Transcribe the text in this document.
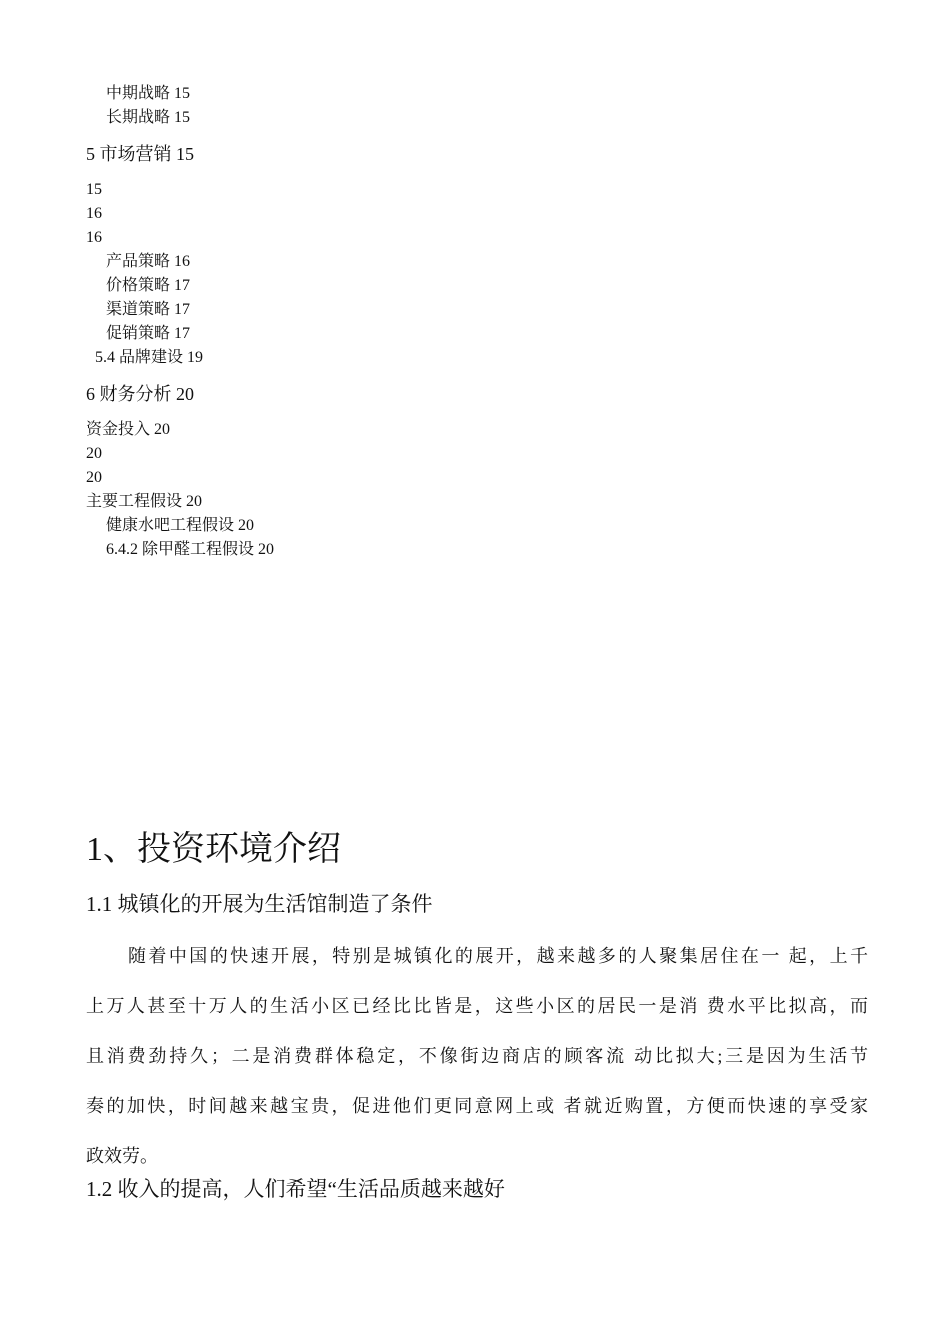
中期战略 15
长期战略 15
5 市场营销 15
15
16
16
产品策略 16
价格策略 17
渠道策略 17
促销策略 17
5.4 品牌建设 19
6 财务分析 20
资金投入 20
20
20
主要工程假设 20
健康水吧工程假设 20
6.4.2 除甲醛工程假设 20
1、投资环境介绍
1.1 城镇化的开展为生活馆制造了条件

随着中国的快速开展，特别是城镇化的展开，越来越多的人聚集居住在一 起，上千
上万人甚至十万人的生活小区已经比比皆是，这些小区的居民一是消 费水平比拟高，而
且消费劲持久；二是消费群体稳定，不像街边商店的顾客流 动比拟大;三是因为生活节
奏的加快，时间越来越宝贵，促进他们更同意网上或 者就近购置，方便而快速的享受家
政效劳。

1.2 收入的提高，人们希望“生活品质越来越好
